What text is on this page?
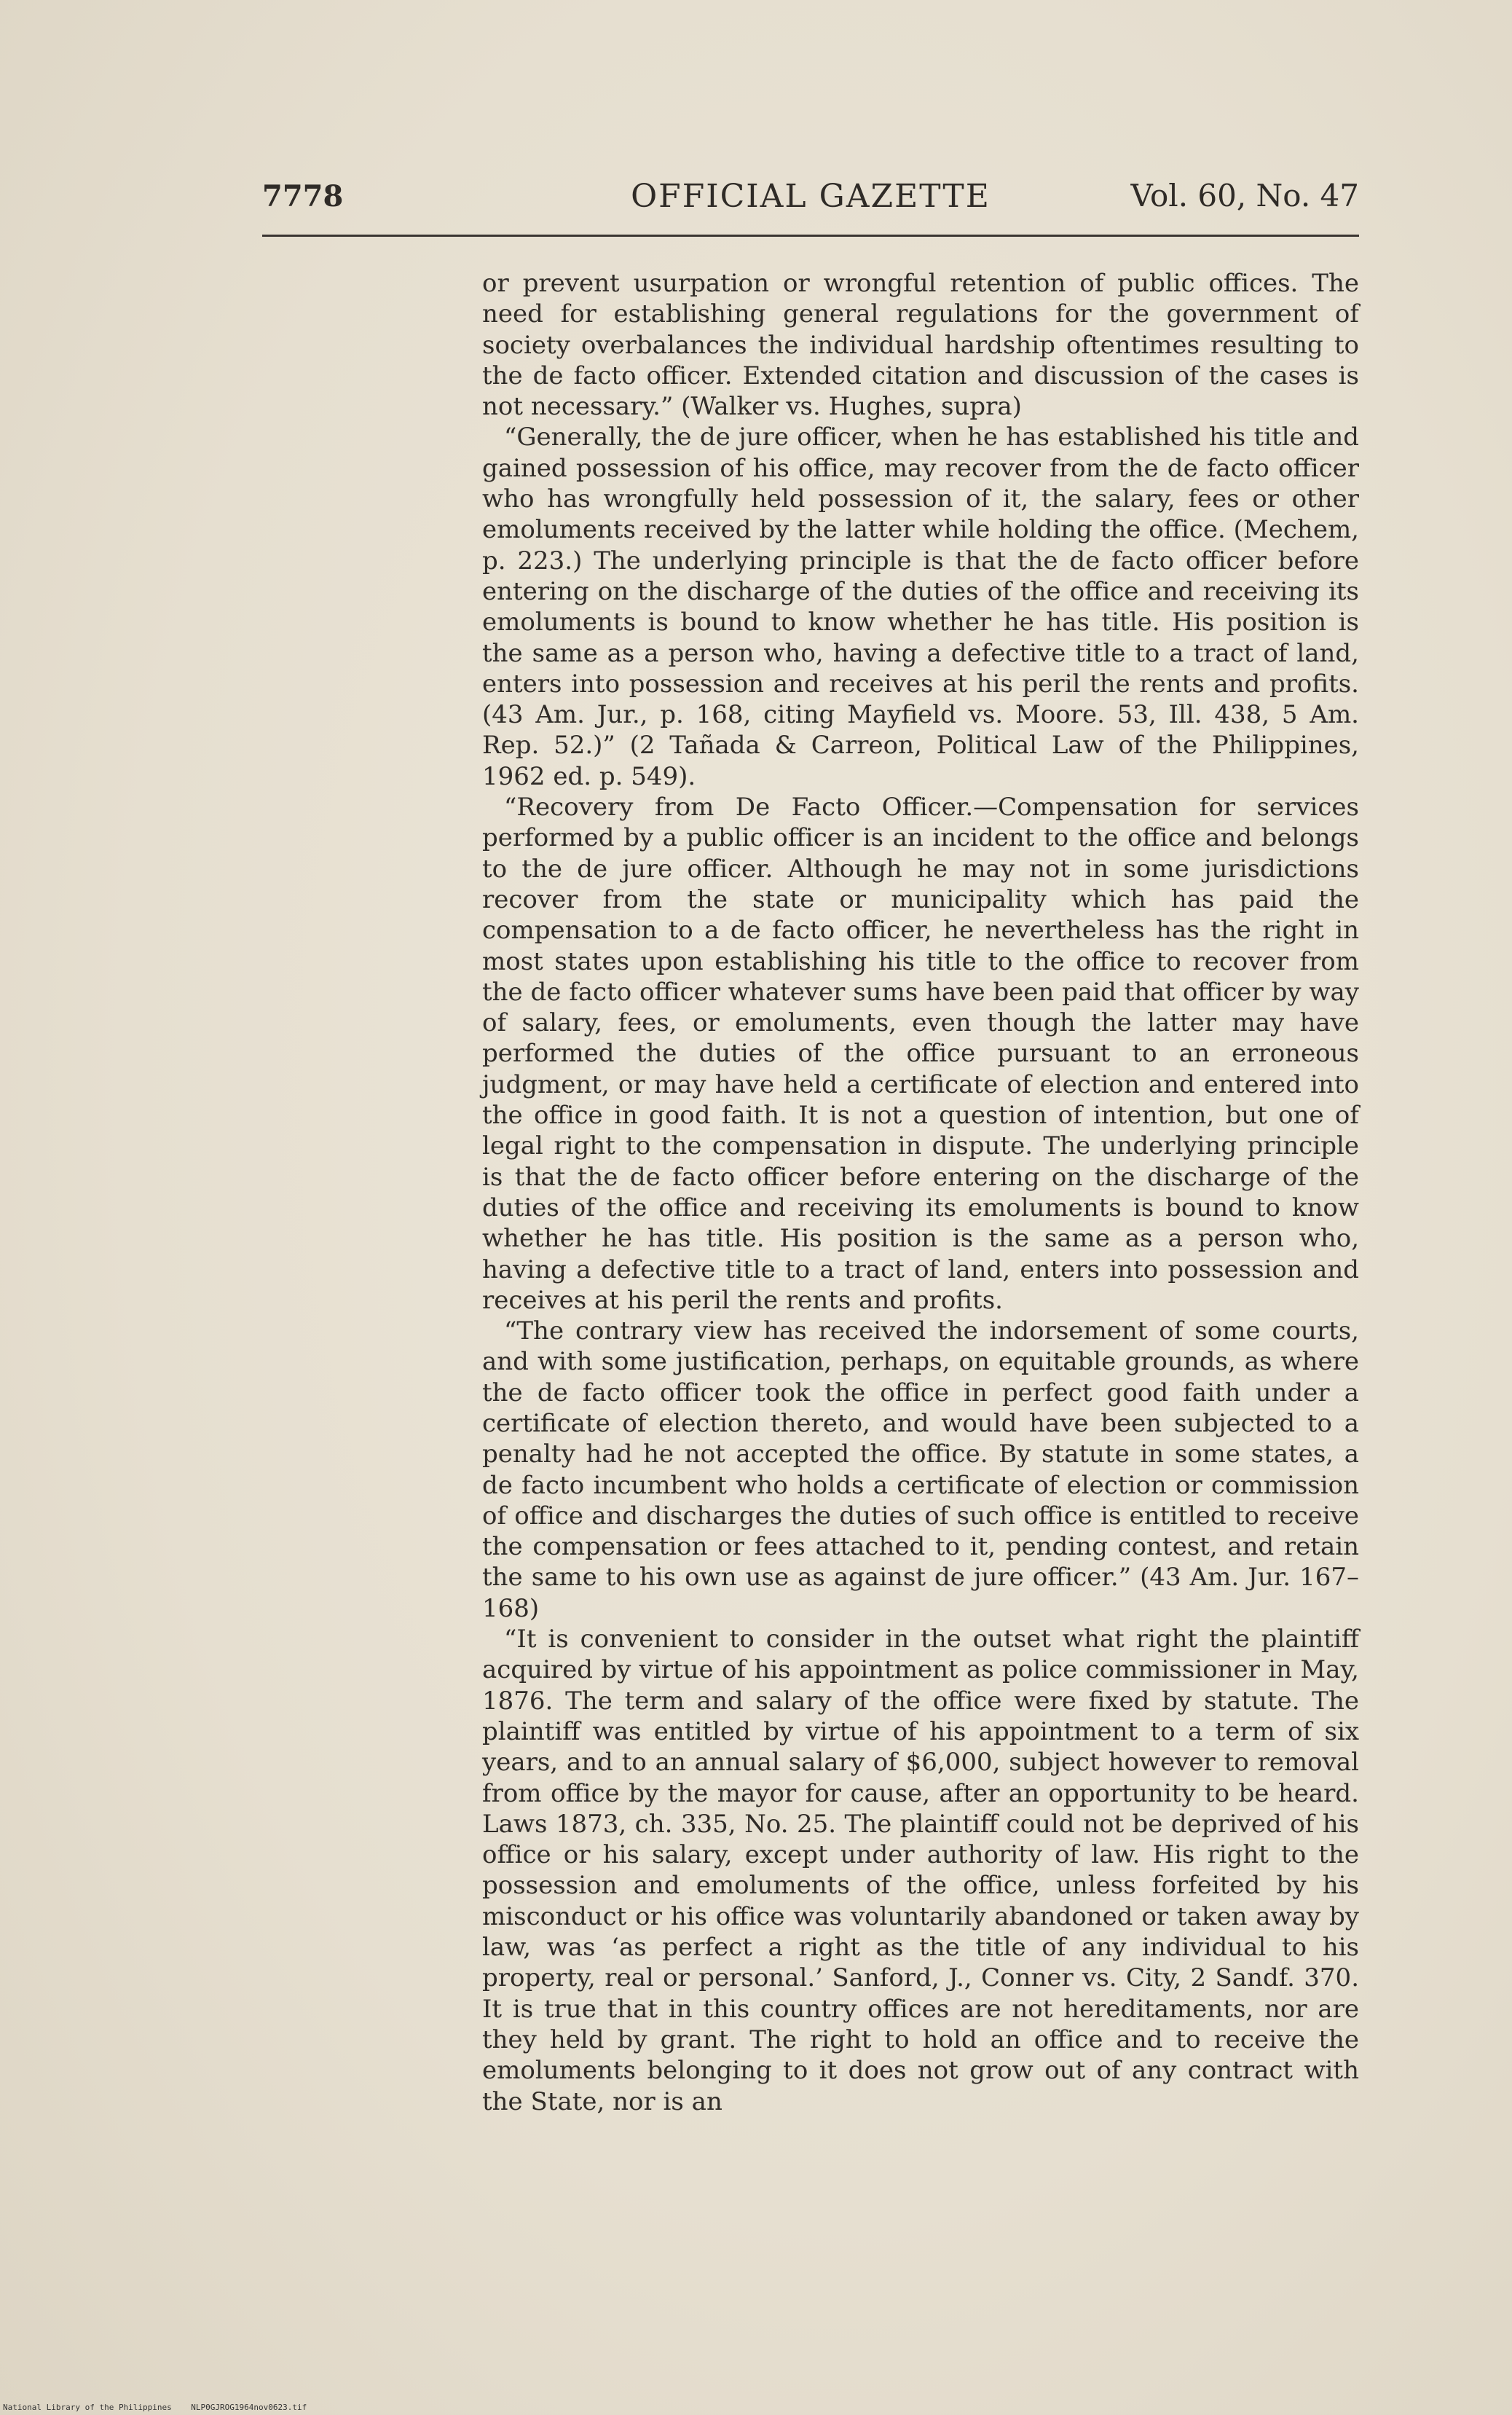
7778	OFFICIAL GAZETTE	Vol. 60, No. 47

or prevent usurpation or wrongful retention of public offices. The need for establishing general regulations for the government of society overbalances the individual hardship oftentimes resulting to the de facto officer. Extended citation and discussion of the cases is not necessary.” (Walker vs. Hughes, supra)

“Generally, the de jure officer, when he has established his title and gained possession of his office, may recover from the de facto officer who has wrongfully held possession of it, the salary, fees or other emoluments received by the latter while holding the office. (Mechem, p. 223.) The underlying principle is that the de facto officer before entering on the discharge of the duties of the office and receiving its emoluments is bound to know whether he has title. His position is the same as a person who, having a defective title to a tract of land, enters into possession and receives at his peril the rents and profits. (43 Am. Jur., p. 168, citing Mayfield vs. Moore. 53, Ill. 438, 5 Am. Rep. 52.)” (2 Tañada & Carreon, Political Law of the Philippines, 1962 ed. p. 549).

“Recovery from De Facto Officer.—Compensation for services performed by a public officer is an incident to the office and belongs to the de jure officer. Although he may not in some jurisdictions recover from the state or municipality which has paid the compensation to a de facto officer, he nevertheless has the right in most states upon establishing his title to the office to recover from the de facto officer whatever sums have been paid that officer by way of salary, fees, or emoluments, even though the latter may have performed the duties of the office pursuant to an erroneous judgment, or may have held a certificate of election and entered into the office in good faith. It is not a question of intention, but one of legal right to the compensation in dispute. The underlying principle is that the de facto officer before entering on the discharge of the duties of the office and receiving its emoluments is bound to know whether he has title. His position is the same as a person who, having a defective title to a tract of land, enters into possession and receives at his peril the rents and profits.

“The contrary view has received the indorsement of some courts, and with some justification, perhaps, on equitable grounds, as where the de facto officer took the office in perfect good faith under a certificate of election thereto, and would have been subjected to a penalty had he not accepted the office. By statute in some states, a de facto incumbent who holds a certificate of election or commission of office and discharges the duties of such office is entitled to receive the compensation or fees attached to it, pending contest, and retain the same to his own use as against de jure officer.” (43 Am. Jur. 167–168)

“It is convenient to consider in the outset what right the plaintiff acquired by virtue of his appointment as police commissioner in May, 1876. The term and salary of the office were fixed by statute. The plaintiff was entitled by virtue of his appointment to a term of six years, and to an annual salary of $6,000, subject however to removal from office by the mayor for cause, after an opportunity to be heard. Laws 1873, ch. 335, No. 25. The plaintiff could not be deprived of his office or his salary, except under authority of law. His right to the possession and emoluments of the office, unless forfeited by his misconduct or his office was voluntarily abandoned or taken away by law, was ‘as perfect a right as the title of any individual to his property, real or personal.’ Sanford, J., Conner vs. City, 2 Sandf. 370. It is true that in this country offices are not hereditaments, nor are they held by grant. The right to hold an office and to receive the emoluments belonging to it does not grow out of any contract with the State, nor is an

National Library of the Philippines    NLP0GJROG1964nov0623.tif
